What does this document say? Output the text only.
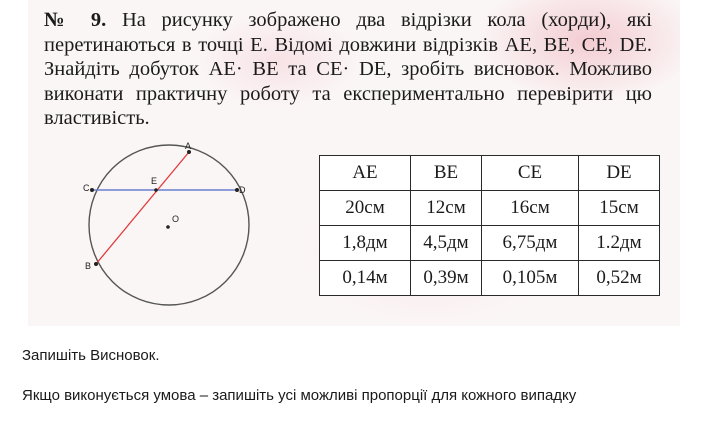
№ 9. На рисунку зображено два відрізки кола (хорди), які перетинаються в точці Е. Відомі довжини відрізків AE, BE, CE, DE. Знайдіть добуток AE· BE та CE· DE, зробіть висновок. Можливо виконати практичну роботу та експериментально перевірити цю властивість.
A
B
C	D
E
O
AE	BE	CE	DE
20см	12см	16см	15см
1,8дм	4,5дм	6,75дм	1.2дм
0,14м	0,39м	0,105м	0,52м
Запишіть Висновок.
Якщо виконується умова – запишіть усі можливі пропорції для кожного випадку
